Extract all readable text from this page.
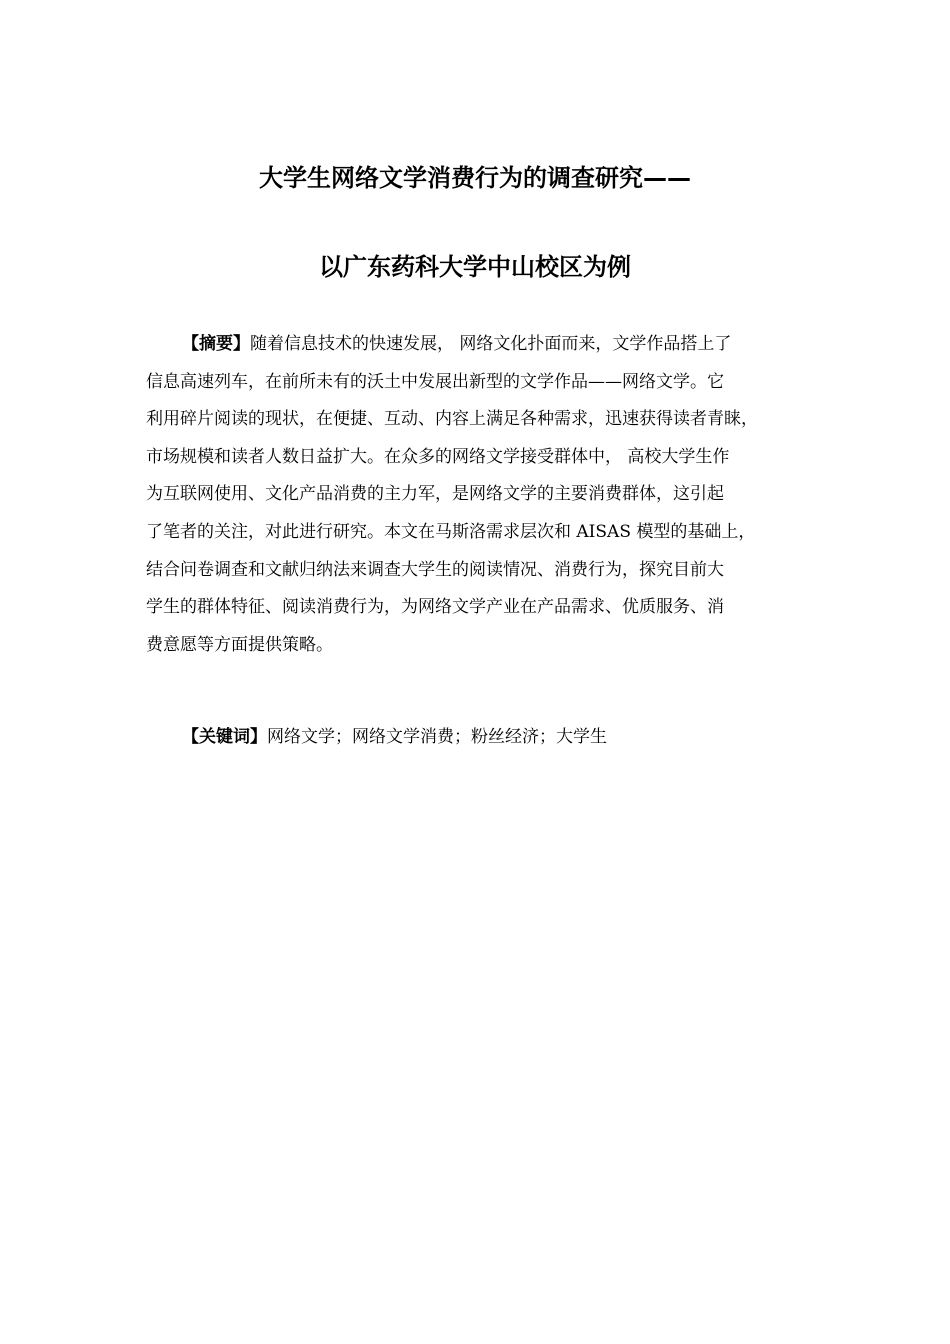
大学生网络文学消费行为的调查研究——
以广东药科大学中山校区为例
【摘要】随着信息技术的快速发展， 网络文化扑面而来，文学作品搭上了
信息高速列车，在前所未有的沃土中发展出新型的文学作品——网络文学。它
利用碎片阅读的现状，在便捷、互动、内容上满足各种需求，迅速获得读者青睐，
市场规模和读者人数日益扩大。在众多的网络文学接受群体中， 高校大学生作
为互联网使用、文化产品消费的主力军，是网络文学的主要消费群体，这引起
了笔者的关注，对此进行研究。本文在马斯洛需求层次和 AISAS 模型的基础上，
结合问卷调查和文献归纳法来调查大学生的阅读情况、消费行为，探究目前大
学生的群体特征、阅读消费行为，为网络文学产业在产品需求、优质服务、消
费意愿等方面提供策略。
【关键词】网络文学；网络文学消费；粉丝经济；大学生
